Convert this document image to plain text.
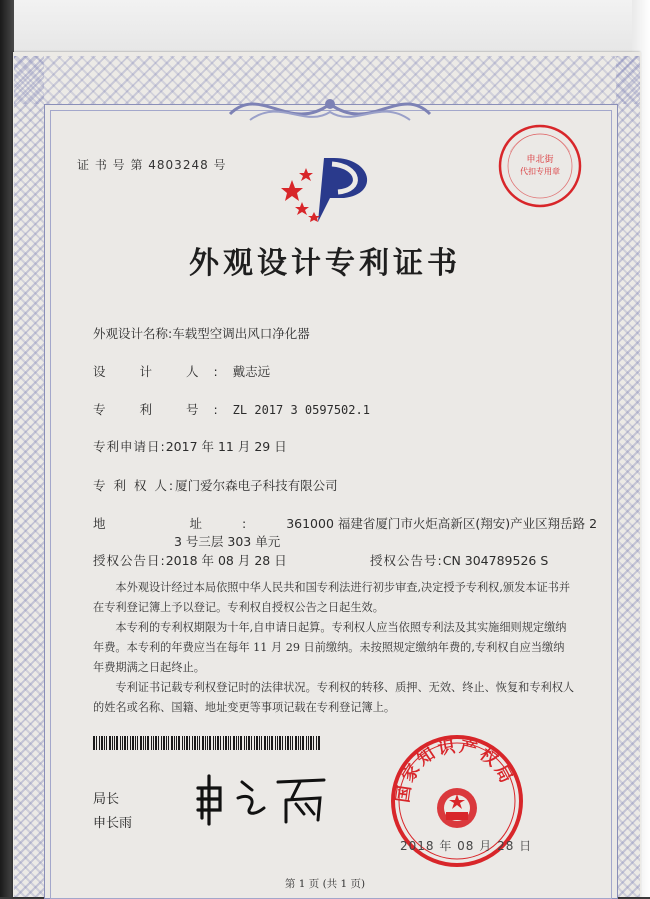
证 书 号 第 4803248 号	申北街
代扣专用章
外观设计专利证书
外观设计名称:车载型空调出风口净化器
设 计 人:戴志远
专 利 号:ZL 2017 3 0597502.1
专利申请日:2017 年 11 月 29 日
专 利 权 人:厦门爱尔森电子科技有限公司
地 址:361000 福建省厦门市火炬高新区(翔安)产业区翔岳路 2
3 号三层 303 单元
授权公告日:2018 年 08 月 28 日	授权公告号:CN 304789526 S

本外观设计经过本局依照中华人民共和国专利法进行初步审查,决定授予专利权,颁发本证书并在专利登记簿上予以登记。专利权自授权公告之日起生效。

本专利的专利权期限为十年,自申请日起算。专利权人应当依照专利法及其实施细则规定缴纳年费。本专利的年费应当在每年 11 月 29 日前缴纳。未按照规定缴纳年费的,专利权自应当缴纳年费期满之日起终止。

专利证书记载专利权登记时的法律状况。专利权的转移、质押、无效、终止、恢复和专利权人的姓名或名称、国籍、地址变更等事项记载在专利登记簿上。

局长
申长雨
国家知识产权局
2018 年 08 月 28 日
第 1 页 (共 1 页)
